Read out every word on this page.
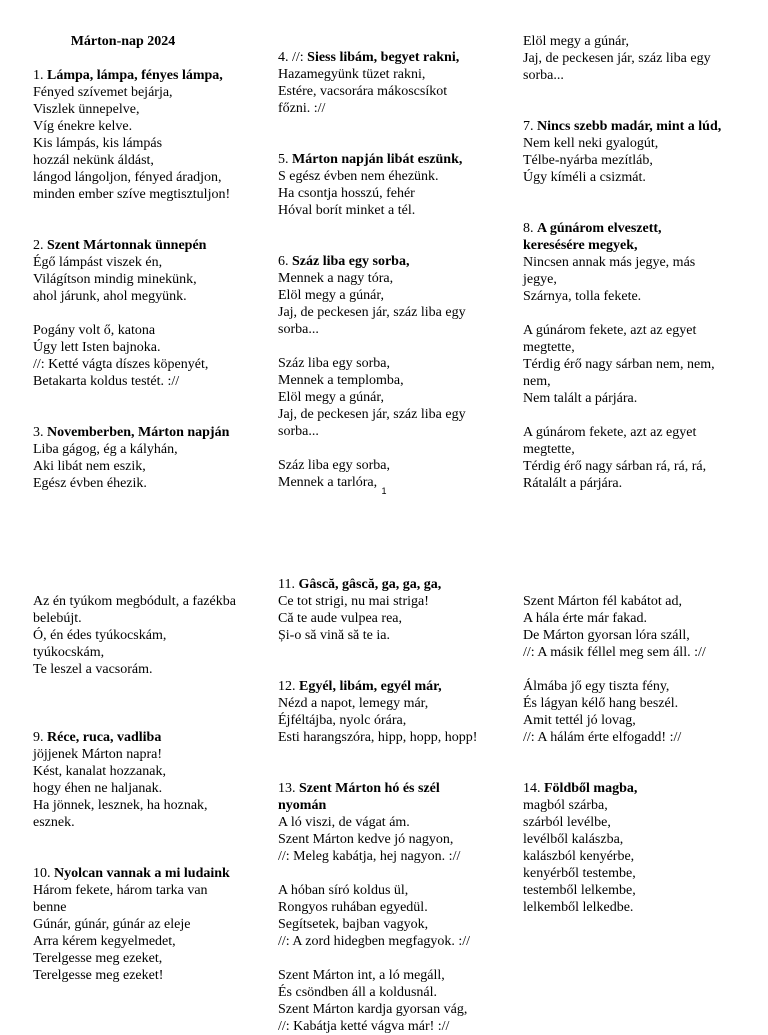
Márton-nap 2024
1. Lámpa, lámpa, fényes lámpa,
Fényed szívemet bejárja,
Viszlek ünnepelve,
Víg énekre kelve.
Kis lámpás, kis lámpás
hozzál nekünk áldást,
lángod lángoljon, fényed áradjon,
minden ember szíve megtisztuljon!
2. Szent Mártonnak ünnepén
Égő lámpást viszek én,
Világítson mindig minekünk,
ahol járunk, ahol megyünk.
Pogány volt ő, katona
Úgy lett Isten bajnoka.
//: Ketté vágta díszes köpenyét,
Betakarta koldus testét. ://
3. Novemberben, Márton napján
Liba gágog, ég a kályhán,
Aki libát nem eszik,
Egész évben éhezik.
4. //: Siess libám, begyet rakni,
Hazamegyünk tüzet rakni,
Estére, vacsorára mákoscsíkot
főzni. ://
5. Márton napján libát eszünk,
S egész évben nem éhezünk.
Ha csontja hosszú, fehér
Hóval borít minket a tél.
6. Száz liba egy sorba,
Mennek a nagy tóra,
Elöl megy a gúnár,
Jaj, de peckesen jár, száz liba egy
sorba...
Száz liba egy sorba,
Mennek a templomba,
Elöl megy a gúnár,
Jaj, de peckesen jár, száz liba egy
sorba...
Száz liba egy sorba,
Mennek a tarlóra,
Elöl megy a gúnár,
Jaj, de peckesen jár, száz liba egy
sorba...
7. Nincs szebb madár, mint a lúd,
Nem kell neki gyalogút,
Télbe-nyárba mezítláb,
Úgy kíméli a csizmát.
8. A gúnárom elveszett,
keresésére megyek,
Nincsen annak más jegye, más
jegye,
Szárnya, tolla fekete.
A gúnárom fekete, azt az egyet
megtette,
Térdig érő nagy sárban nem, nem,
nem,
Nem talált a párjára.
A gúnárom fekete, azt az egyet
megtette,
Térdig érő nagy sárban rá, rá, rá,
Rátalált a párjára.
1
Az én tyúkom megbódult, a fazékba
belebújt.
Ó, én édes tyúkocskám,
tyúkocskám,
Te leszel a vacsorám.
9. Réce, ruca, vadliba
jöjjenek Márton napra!
Kést, kanalat hozzanak,
hogy éhen ne haljanak.
Ha jönnek, lesznek, ha hoznak,
esznek.
10. Nyolcan vannak a mi ludaink
Három fekete, három tarka van
benne
Gúnár, gúnár, gúnár az eleje
Arra kérem kegyelmedet,
Terelgesse meg ezeket,
Terelgesse meg ezeket!
11. Gâscă, gâscă, ga, ga, ga,
Ce tot strigi, nu mai striga!
Că te aude vulpea rea,
Și-o să vină să te ia.
12. Egyél, libám, egyél már,
Nézd a napot, lemegy már,
Éjféltájba, nyolc órára,
Esti harangszóra, hipp, hopp, hopp!
13. Szent Márton hó és szél
nyomán
A ló viszi, de vágat ám.
Szent Márton kedve jó nagyon,
//: Meleg kabátja, hej nagyon. ://
A hóban síró koldus ül,
Rongyos ruhában egyedül.
Segítsetek, bajban vagyok,
//: A zord hidegben megfagyok. ://
Szent Márton int, a ló megáll,
És csöndben áll a koldusnál.
Szent Márton kardja gyorsan vág,
//: Kabátja ketté vágva már! ://
Szent Márton fél kabátot ad,
A hála érte már fakad.
De Márton gyorsan lóra száll,
//: A másik féllel meg sem áll. ://
Álmába jő egy tiszta fény,
És lágyan kélő hang beszél.
Amit tettél jó lovag,
//: A hálám érte elfogadd! ://
14. Földből magba,
magból szárba,
szárból levélbe,
levélből kalászba,
kalászból kenyérbe,
kenyérből testembe,
testemből lelkembe,
lelkemből lelkedbe.
